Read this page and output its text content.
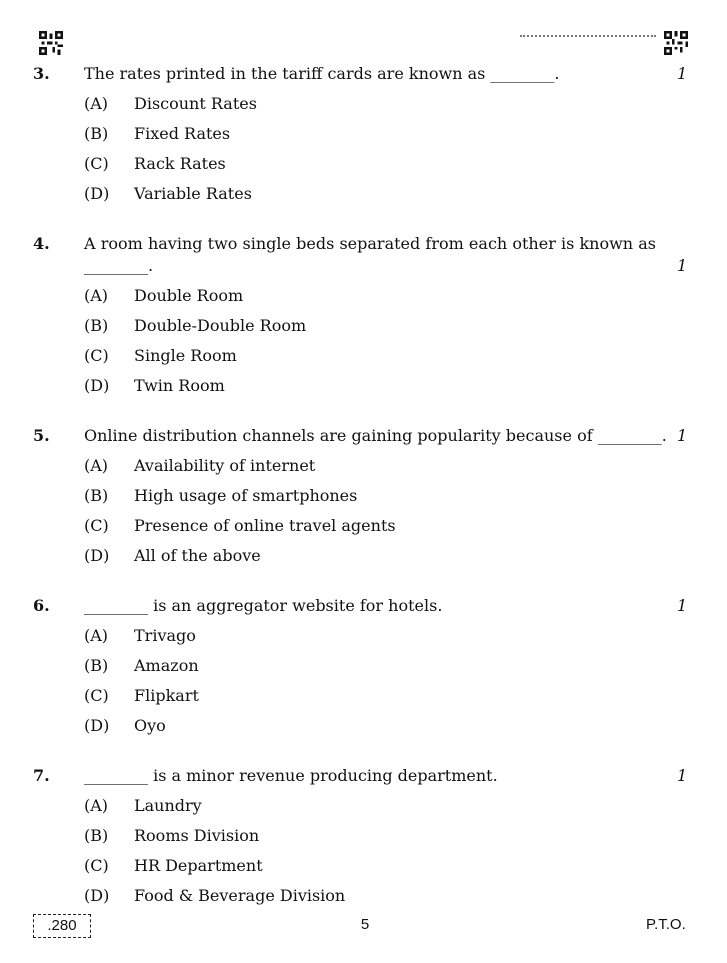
3. The rates printed in the tariff cards are known as ________.	1
(A) Discount Rates
(B) Fixed Rates
(C) Rack Rates
(D) Variable Rates
4. A room having two single beds separated from each other is known as
________.	1
(A) Double Room
(B) Double-Double Room
(C) Single Room
(D) Twin Room
5. Online distribution channels are gaining popularity because of ________. 1
(A) Availability of internet
(B) High usage of smartphones
(C) Presence of online travel agents
(D) All of the above
6. ________ is an aggregator website for hotels.	1
(A) Trivago
(B) Amazon
(C) Flipkart
(D) Oyo
7. ________ is a minor revenue producing department.	1
(A) Laundry
(B) Rooms Division
(C) HR Department
(D) Food & Beverage Division
.280	5	P.T.O.
